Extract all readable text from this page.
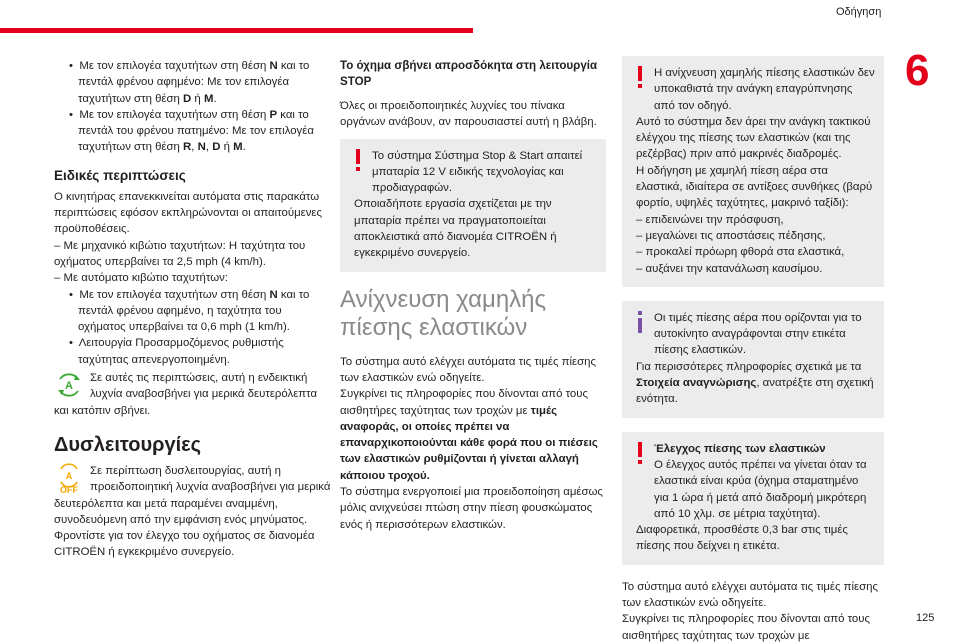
Οδήγηση
6

•  Με τον επιλογέα ταχυτήτων στη θέση N και το πεντάλ φρένου αφημένο: Με τον επιλογέα ταχυτήτων στη θέση D ή M.

•  Με τον επιλογέα ταχυτήτων στη θέση P και το πεντάλ του φρένου πατημένο: Με τον επιλογέα ταχυτήτων στη θέση R, N, D ή M.

Ειδικές περιπτώσεις

Ο κινητήρας επανεκκινείται αυτόματα στις παρακάτω περιπτώσεις εφόσον εκπληρώνονται οι απαιτούμενες προϋποθέσεις.

– Με μηχανικό κιβώτιο ταχυτήτων: Η ταχύτητα του οχήματος υπερβαίνει τα 2,5 mph (4 km/h).

– Με αυτόματο κιβώτιο ταχυτήτων:

•  Με τον επιλογέα ταχυτήτων στη θέση N και το πεντάλ φρένου αφημένο, η ταχύτητα του οχήματος υπερβαίνει τα 0,6 mph (1 km/h).

•  Λειτουργία Προσαρμοζόμενος ρυθμιστής ταχύτητας απενεργοποιημένη.

A
Σε αυτές τις περιπτώσεις, αυτή η ενδεικτική λυχνία αναβοσβήνει για μερικά δευτερόλεπτα και κατόπιν σβήνει.
Δυσλειτουργίες
A
OFF
Σε περίπτωση δυσλειτουργίας, αυτή η προειδοποιητική λυχνία αναβοσβήνει για μερικά δευτερόλεπτα και μετά παραμένει αναμμένη, συνοδευόμενη από την εμφάνιση ενός μηνύματος. Φροντίστε για τον έλεγχο του οχήματος σε διανομέα CITROËN ή εγκεκριμένο συνεργείο.
Το όχημα σβήνει απροσδόκητα στη λειτουργία STOP

Όλες οι προειδοποιητικές λυχνίες του πίνακα οργάνων ανάβουν, αν παρουσιαστεί αυτή η βλάβη.

Το σύστημα Σύστημα Stop & Start απαιτεί μπαταρία 12 V ειδικής τεχνολογίας και προδιαγραφών.

Οποιαδήποτε εργασία σχετίζεται με την μπαταρία πρέπει να πραγματοποιείται αποκλειστικά από διανομέα CITROËN ή εγκεκριμένο συνεργείο.

Ανίχνευση χαμηλής πίεσης ελαστικών

Το σύστημα αυτό ελέγχει αυτόματα τις τιμές πίεσης των ελαστικών ενώ οδηγείτε.

Συγκρίνει τις πληροφορίες που δίνονται από τους αισθητήρες ταχύτητας των τροχών με τιμές αναφοράς, οι οποίες πρέπει να επαναρχικοποιούνται κάθε φορά που οι πιέσεις των ελαστικών ρυθμίζονται ή γίνεται αλλαγή κάποιου τροχού.

Το σύστημα ενεργοποιεί μια προειδοποίηση αμέσως μόλις ανιχνεύσει πτώση στην πίεση φουσκώματος ενός ή περισσότερων ελαστικών.

Η ανίχνευση χαμηλής πίεσης ελαστικών δεν υποκαθιστά την ανάγκη επαγρύπνησης από τον οδηγό.

Αυτό το σύστημα δεν άρει την ανάγκη τακτικού ελέγχου της πίεσης των ελαστικών (και της ρεζέρβας) πριν από μακρινές διαδρομές.

Η οδήγηση με χαμηλή πίεση αέρα στα ελαστικά, ιδιαίτερα σε αντίξοες συνθήκες (βαρύ φορτίο, υψηλές ταχύτητες, μακρινό ταξίδι):

– επιδεινώνει την πρόσφυση,

– μεγαλώνει τις αποστάσεις πέδησης,

– προκαλεί πρόωρη φθορά στα ελαστικά,

– αυξάνει την κατανάλωση καυσίμου.

Οι τιμές πίεσης αέρα που ορίζονται για το αυτοκίνητο αναγράφονται στην ετικέτα πίεσης ελαστικών.

Για περισσότερες πληροφορίες σχετικά με τα Στοιχεία αναγνώρισης, ανατρέξτε στη σχετική ενότητα.

Έλεγχος πίεσης των ελαστικών

Ο έλεγχος αυτός πρέπει να γίνεται όταν τα ελαστικά είναι κρύα (όχημα σταματημένο για 1 ώρα ή μετά από διαδρομή μικρότερη από 10 χλμ. σε μέτρια ταχύτητα).

Διαφορετικά, προσθέστε 0,3 bar στις τιμές πίεσης που δείχνει η ετικέτα.

Το σύστημα αυτό ελέγχει αυτόματα τις τιμές πίεσης των ελαστικών ενώ οδηγείτε.

Συγκρίνει τις πληροφορίες που δίνονται από τους αισθητήρες ταχύτητας των τροχών με

125
